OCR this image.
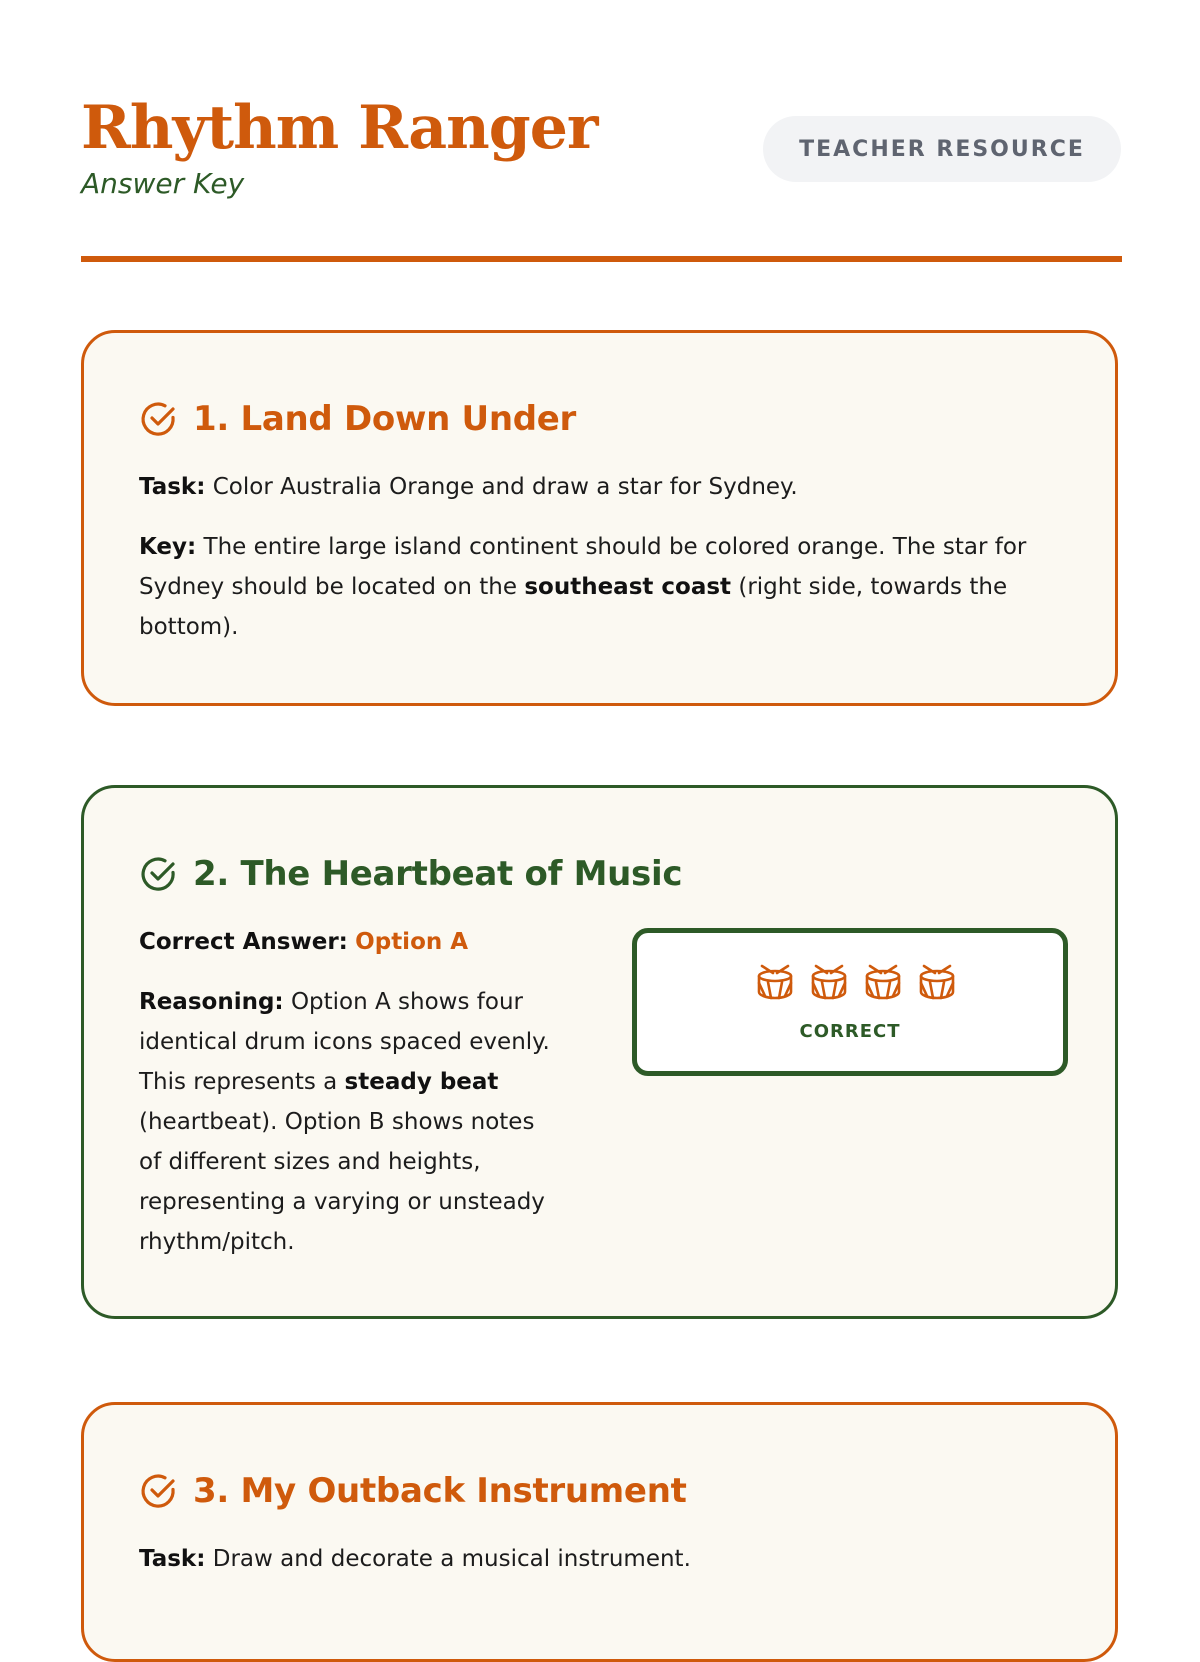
Rhythm Ranger

Answer Key

TEACHER RESOURCE
1. Land Down Under

Task: Color Australia Orange and draw a star for Sydney.

Key: The entire large island continent should be colored orange. The star for

Sydney should be located on the southeast coast (right side, towards the

bottom).

2. The Heartbeat of Music

Correct Answer: Option A

Reasoning: Option A shows four

identical drum icons spaced evenly.

This represents a steady beat

(heartbeat). Option B shows notes

of different sizes and heights,

representing a varying or unsteady

rhythm/pitch.

CORRECT
3. My Outback Instrument

Task: Draw and decorate a musical instrument.
